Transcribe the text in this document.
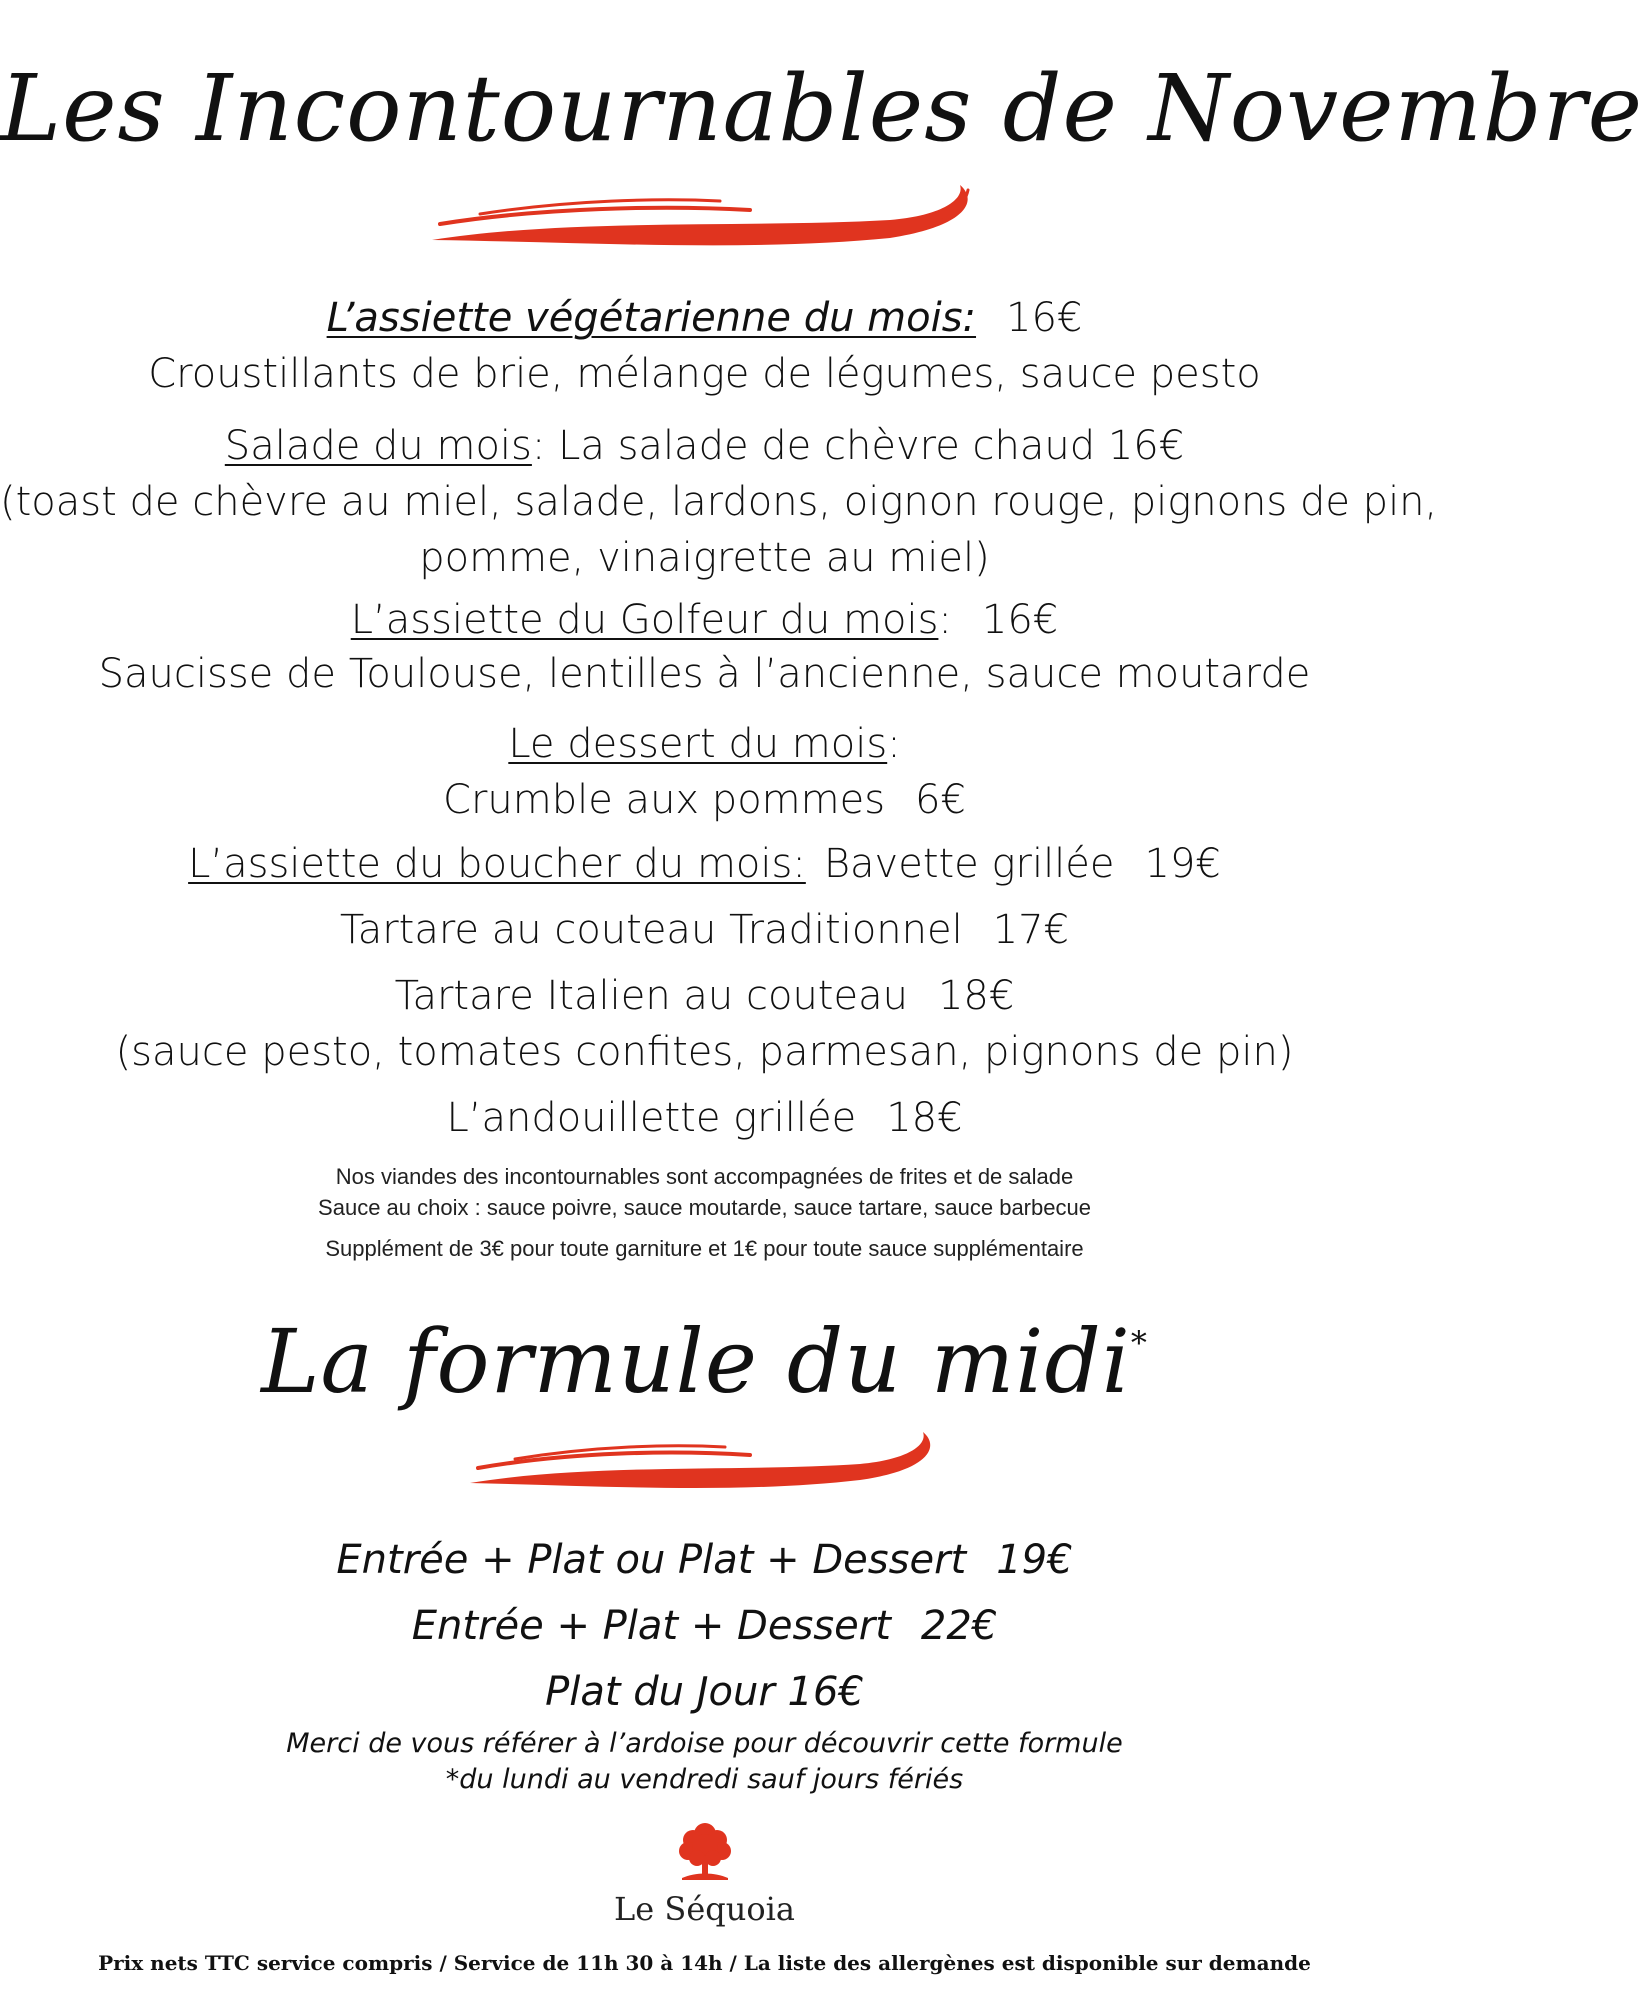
Les Incontournables de Novembre
L’assiette végétarienne du mois: 16€
Croustillants de brie, mélange de légumes, sauce pesto
Salade du mois: La salade de chèvre chaud 16€
(toast de chèvre au miel, salade, lardons, oignon rouge, pignons de pin,
pomme, vinaigrette au miel)
L’assiette du Golfeur du mois: 16€
Saucisse de Toulouse, lentilles à l’ancienne, sauce moutarde
Le dessert du mois:
Crumble aux pommes 6€
L’assiette du boucher du mois: Bavette grillée 19€
Tartare au couteau Traditionnel 17€
Tartare Italien au couteau 18€
(sauce pesto, tomates confites, parmesan, pignons de pin)
L’andouillette grillée 18€
Nos viandes des incontournables sont accompagnées de frites et de salade
Sauce au choix : sauce poivre, sauce moutarde, sauce tartare, sauce barbecue
Supplément de 3€ pour toute garniture et 1€ pour toute sauce supplémentaire
La formule du midi*
Entrée + Plat ou Plat + Dessert 19€
Entrée + Plat + Dessert 22€
Plat du Jour 16€
Merci de vous référer à l’ardoise pour découvrir cette formule
*du lundi au vendredi sauf jours fériés
Le Séquoia
Prix nets TTC service compris / Service de 11h 30 à 14h / La liste des allergènes est disponible sur demande
